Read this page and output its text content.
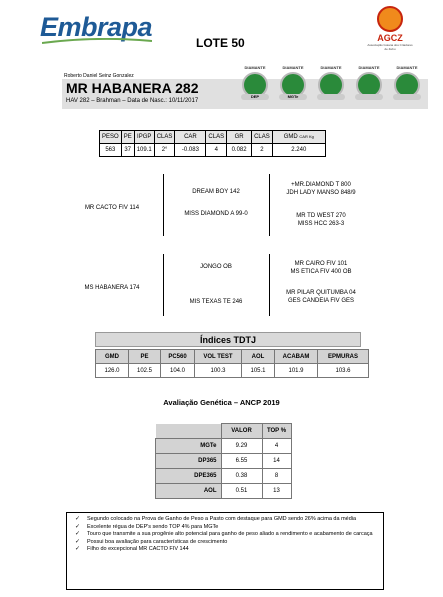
Embrapa
LOTE 50	AGCZ
Associação Goiana dos Criadores de Zebu
Roberto Daniel Seinz Gonzalez
MR HABANERA 282
HAV 282 – Brahman – Data de Nasc.: 10/11/2017
DIAMANTE
DEP
DIAMANTE
MGTe
DIAMANTE	DIAMANTE	DIAMANTE
PESO	PE	IPGP	CLAS	CAR	CLAS	GR	CLAS	GMD CAR Kg
563	37	109.1	2°	-0.083	4	0.082	2	2.240
MR CACTO FIV 114
DREAM BOY 142
MISS DIAMOND A 99-0
+MR.DIAMOND T 800
JDH LADY MANSO 848/9
MR TD WEST 270
MISS HCC 263-3
MS HABANERA 174
JONGO OB
MIS TEXAS TE 246
MR CAIRO FIV 101
MS ETICA FIV 400 OB
MR PILAR QUITUMBA 04
GES CANDEIA FIV GES
Índices TDTJ
GMD	PE	PC560	VOL TEST	AOL	ACABAM	EPMURAS
126.0	102.5	104.0	100.3	105.1	101.9	103.6
Avaliação Genética – ANCP 2019
	VALOR	TOP %
MGTe	9.29	4
DP365	6.55	14
DPE365	0.38	8
AOL	0.51	13
✓ Segundo colocado na Prova de Ganho de Peso a Pasto com destaque para GMD sendo 26% acima da média
✓ Excelente régua de DEP's sendo TOP 4% para MGTe
✓ Touro que transmite a sua progênie alto potencial para ganho de peso aliado a rendimento e acabamento de carcaça
✓ Possui boa avaliação para características de crescimento
✓ Filho do excepcional MR CACTO FIV 144
